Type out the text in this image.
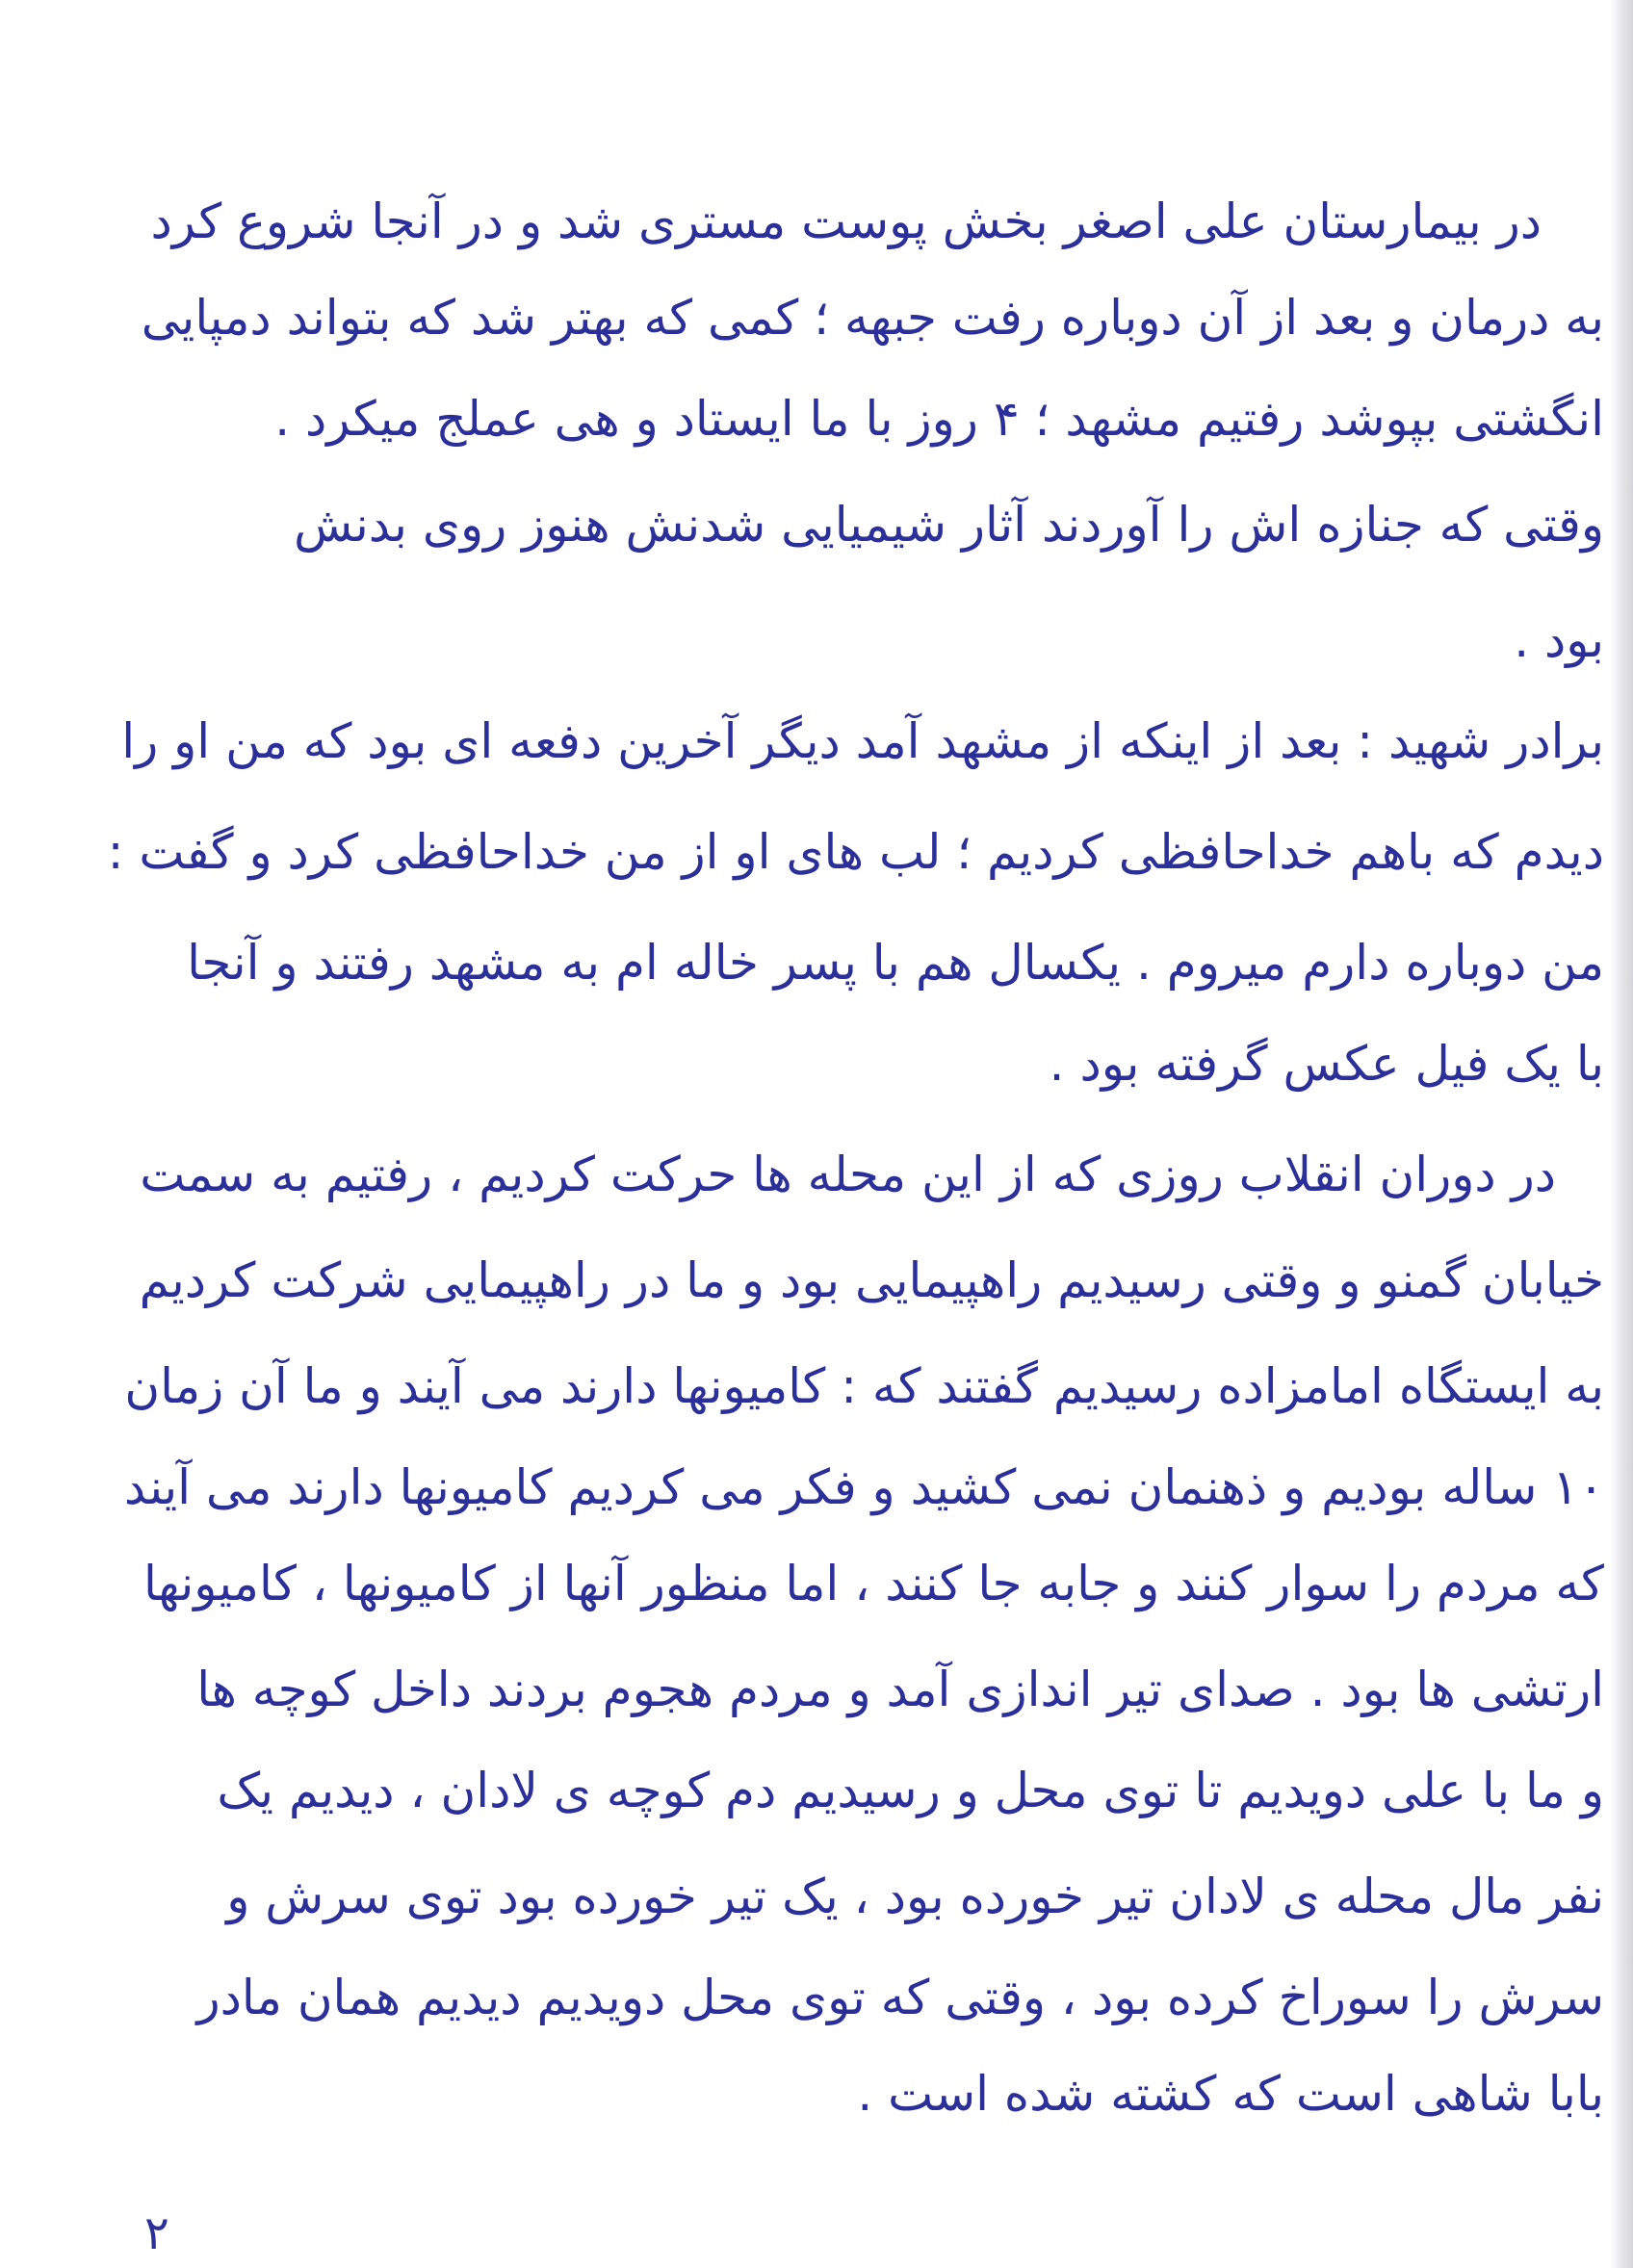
در بیمارستان علی اصغر بخش پوست مستری شد و در آنجا شروع کرد
به درمان و بعد از آن دوباره رفت جبهه ؛ کمی که بهتر شد که بتواند دمپایی
انگشتی بپوشد رفتیم مشهد ؛ ۴ روز با ما ایستاد و هی عملج میکرد .
وقتی که جنازه اش را آوردند آثار شیمیایی شدنش هنوز روی بدنش
بود .
برادر شهید : بعد از اینکه از مشهد آمد دیگر آخرین دفعه ای بود که من او را
دیدم که باهم خداحافظی کردیم ؛ لب های او از من خداحافظی کرد و گفت :
من دوباره دارم میروم . یکسال هم با پسر خاله ام به مشهد رفتند و آنجا
با یک فیل عکس گرفته بود .
در دوران انقلاب روزی که از این محله ها حرکت کردیم ، رفتیم به سمت
خیابان گمنو و وقتی رسیدیم راهپیمایی بود و ما در راهپیمایی شرکت کردیم
به ایستگاه امامزاده رسیدیم گفتند که : کامیونها دارند می آیند و ما آن زمان
۱۰ ساله بودیم و ذهنمان نمی کشید و فکر می کردیم کامیونها دارند می آیند
که مردم را سوار کنند و جابه جا کنند ، اما منظور آنها از کامیونها ، کامیونها
ارتشی ها بود . صدای تیر اندازی آمد و مردم هجوم بردند داخل کوچه ها
و ما با علی دویدیم تا توی محل و رسیدیم دم کوچه ی لادان ، دیدیم یک
نفر مال محله ی لادان تیر خورده بود ، یک تیر خورده بود توی سرش و
سرش را سوراخ کرده بود ، وقتی که توی محل دویدیم دیدیم همان مادر
بابا شاهی است که کشته شده است .
۲
